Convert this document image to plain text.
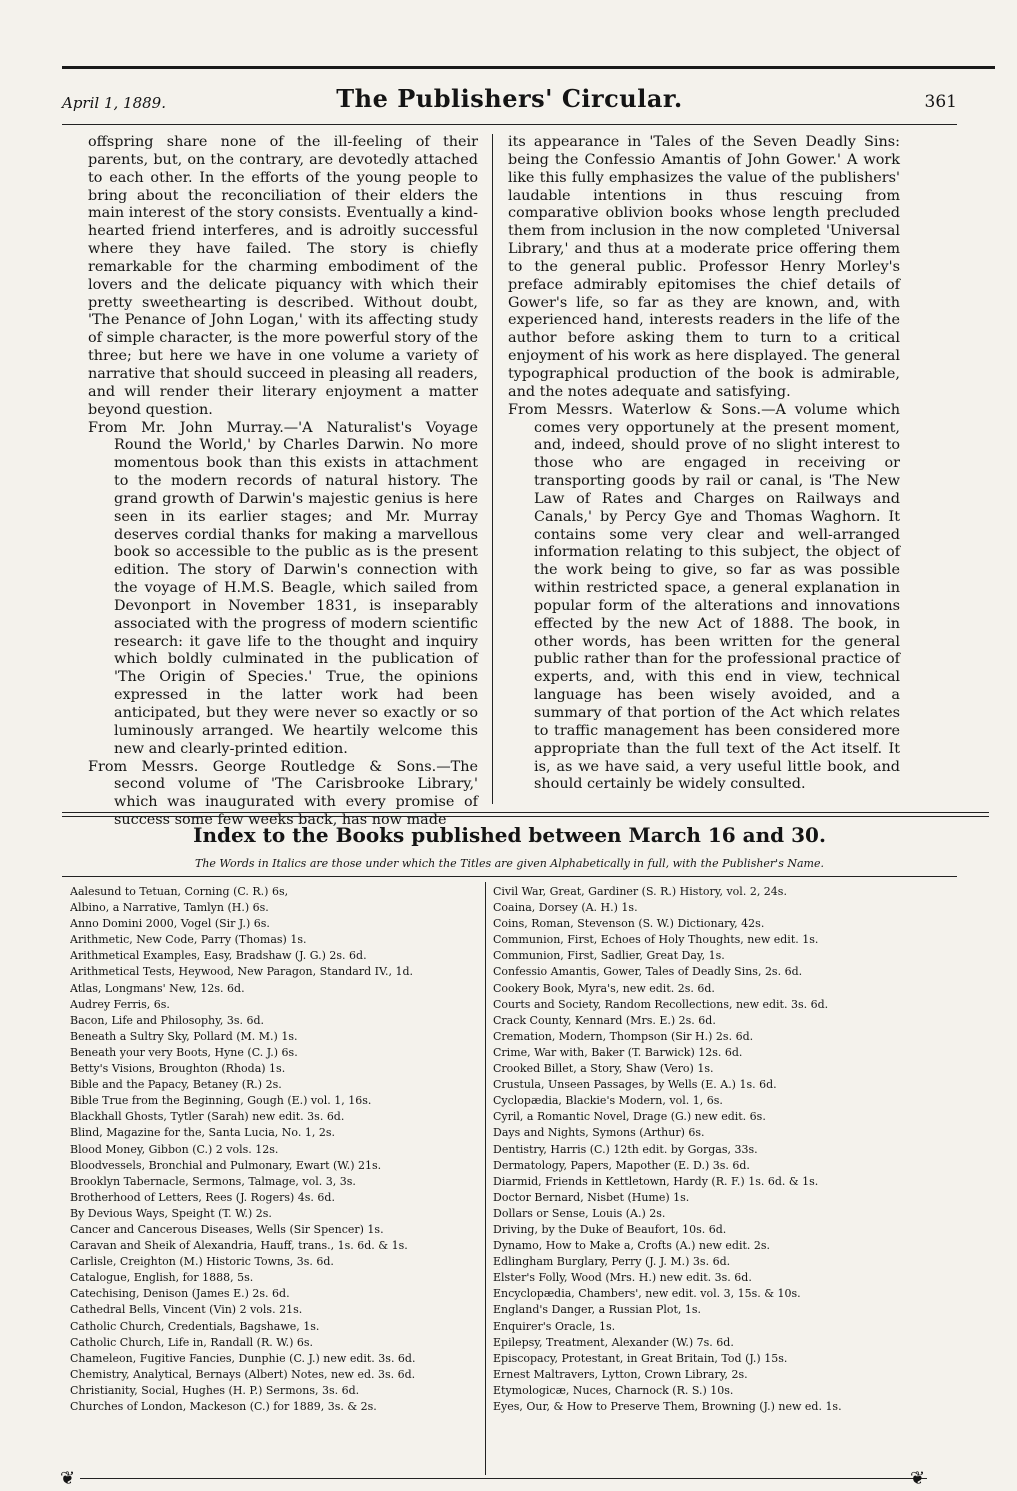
April 1, 1889.	The Publishers' Circular.	361

offspring share none of the ill-feeling of their parents, but, on the contrary, are devotedly attached to each other. In the efforts of the young people to bring about the reconciliation of their elders the main interest of the story consists. Eventually a kind-hearted friend interferes, and is adroitly successful where they have failed. The story is chiefly remarkable for the charming embodiment of the lovers and the delicate piquancy with which their pretty sweethearting is described. Without doubt, 'The Penance of John Logan,' with its affecting study of simple character, is the more powerful story of the three; but here we have in one volume a variety of narrative that should succeed in pleasing all readers, and will render their literary enjoyment a matter beyond question.

From Mr. John Murray.—'A Naturalist's Voyage Round the World,' by Charles Darwin. No more momentous book than this exists in attachment to the modern records of natural history. The grand growth of Darwin's majestic genius is here seen in its earlier stages; and Mr. Murray deserves cordial thanks for making a marvellous book so accessible to the public as is the present edition. The story of Darwin's connection with the voyage of H.M.S. Beagle, which sailed from Devonport in November 1831, is inseparably associated with the progress of modern scientific research: it gave life to the thought and inquiry which boldly culminated in the publication of 'The Origin of Species.' True, the opinions expressed in the latter work had been anticipated, but they were never so exactly or so luminously arranged. We heartily welcome this new and clearly-printed edition.

From Messrs. George Routledge & Sons.—The second volume of 'The Carisbrooke Library,' which was inaugurated with every promise of success some few weeks back, has now made

its appearance in 'Tales of the Seven Deadly Sins: being the Confessio Amantis of John Gower.' A work like this fully emphasizes the value of the publishers' laudable intentions in thus rescuing from comparative oblivion books whose length precluded them from inclusion in the now completed 'Universal Library,' and thus at a moderate price offering them to the general public. Professor Henry Morley's preface admirably epitomises the chief details of Gower's life, so far as they are known, and, with experienced hand, interests readers in the life of the author before asking them to turn to a critical enjoyment of his work as here displayed. The general typographical production of the book is admirable, and the notes adequate and satisfying.

From Messrs. Waterlow & Sons.—A volume which comes very opportunely at the present moment, and, indeed, should prove of no slight interest to those who are engaged in receiving or transporting goods by rail or canal, is 'The New Law of Rates and Charges on Railways and Canals,' by Percy Gye and Thomas Waghorn. It contains some very clear and well-arranged information relating to this subject, the object of the work being to give, so far as was possible within restricted space, a general explanation in popular form of the alterations and innovations effected by the new Act of 1888. The book, in other words, has been written for the general public rather than for the professional practice of experts, and, with this end in view, technical language has been wisely avoided, and a summary of that portion of the Act which relates to traffic management has been considered more appropriate than the full text of the Act itself. It is, as we have said, a very useful little book, and should certainly be widely consulted.

Index to the Books published between March 16 and 30.
The Words in Italics are those under which the Titles are given Alphabetically in full, with the Publisher's Name.
Aalesund to Tetuan, Corning (C. R.) 6s,
Albino, a Narrative, Tamlyn (H.) 6s.
Anno Domini 2000, Vogel (Sir J.) 6s.
Arithmetic, New Code, Parry (Thomas) 1s.
Arithmetical Examples, Easy, Bradshaw (J. G.) 2s. 6d.
Arithmetical Tests, Heywood, New Paragon, Standard IV., 1d.
Atlas, Longmans' New, 12s. 6d.
Audrey Ferris, 6s.
Bacon, Life and Philosophy, 3s. 6d.
Beneath a Sultry Sky, Pollard (M. M.) 1s.
Beneath your very Boots, Hyne (C. J.) 6s.
Betty's Visions, Broughton (Rhoda) 1s.
Bible and the Papacy, Betaney (R.) 2s.
Bible True from the Beginning, Gough (E.) vol. 1, 16s.
Blackhall Ghosts, Tytler (Sarah) new edit. 3s. 6d.
Blind, Magazine for the, Santa Lucia, No. 1, 2s.
Blood Money, Gibbon (C.) 2 vols. 12s.
Bloodvessels, Bronchial and Pulmonary, Ewart (W.) 21s.
Brooklyn Tabernacle, Sermons, Talmage, vol. 3, 3s.
Brotherhood of Letters, Rees (J. Rogers) 4s. 6d.
By Devious Ways, Speight (T. W.) 2s.
Cancer and Cancerous Diseases, Wells (Sir Spencer) 1s.
Caravan and Sheik of Alexandria, Hauff, trans., 1s. 6d. & 1s.
Carlisle, Creighton (M.) Historic Towns, 3s. 6d.
Catalogue, English, for 1888, 5s.
Catechising, Denison (James E.) 2s. 6d.
Cathedral Bells, Vincent (Vin) 2 vols. 21s.
Catholic Church, Credentials, Bagshawe, 1s.
Catholic Church, Life in, Randall (R. W.) 6s.
Chameleon, Fugitive Fancies, Dunphie (C. J.) new edit. 3s. 6d.
Chemistry, Analytical, Bernays (Albert) Notes, new ed. 3s. 6d.
Christianity, Social, Hughes (H. P.) Sermons, 3s. 6d.
Churches of London, Mackeson (C.) for 1889, 3s. & 2s.
Civil War, Great, Gardiner (S. R.) History, vol. 2, 24s.
Coaina, Dorsey (A. H.) 1s.
Coins, Roman, Stevenson (S. W.) Dictionary, 42s.
Communion, First, Echoes of Holy Thoughts, new edit. 1s.
Communion, First, Sadlier, Great Day, 1s.
Confessio Amantis, Gower, Tales of Deadly Sins, 2s. 6d.
Cookery Book, Myra's, new edit. 2s. 6d.
Courts and Society, Random Recollections, new edit. 3s. 6d.
Crack County, Kennard (Mrs. E.) 2s. 6d.
Cremation, Modern, Thompson (Sir H.) 2s. 6d.
Crime, War with, Baker (T. Barwick) 12s. 6d.
Crooked Billet, a Story, Shaw (Vero) 1s.
Crustula, Unseen Passages, by Wells (E. A.) 1s. 6d.
Cyclopædia, Blackie's Modern, vol. 1, 6s.
Cyril, a Romantic Novel, Drage (G.) new edit. 6s.
Days and Nights, Symons (Arthur) 6s.
Dentistry, Harris (C.) 12th edit. by Gorgas, 33s.
Dermatology, Papers, Mapother (E. D.) 3s. 6d.
Diarmid, Friends in Kettletown, Hardy (R. F.) 1s. 6d. & 1s.
Doctor Bernard, Nisbet (Hume) 1s.
Dollars or Sense, Louis (A.) 2s.
Driving, by the Duke of Beaufort, 10s. 6d.
Dynamo, How to Make a, Crofts (A.) new edit. 2s.
Edlingham Burglary, Perry (J. J. M.) 3s. 6d.
Elster's Folly, Wood (Mrs. H.) new edit. 3s. 6d.
Encyclopædia, Chambers', new edit. vol. 3, 15s. & 10s.
England's Danger, a Russian Plot, 1s.
Enquirer's Oracle, 1s.
Epilepsy, Treatment, Alexander (W.) 7s. 6d.
Episcopacy, Protestant, in Great Britain, Tod (J.) 15s.
Ernest Maltravers, Lytton, Crown Library, 2s.
Etymologicæ, Nuces, Charnock (R. S.) 10s.
Eyes, Our, & How to Preserve Them, Browning (J.) new ed. 1s.
❦	❦
